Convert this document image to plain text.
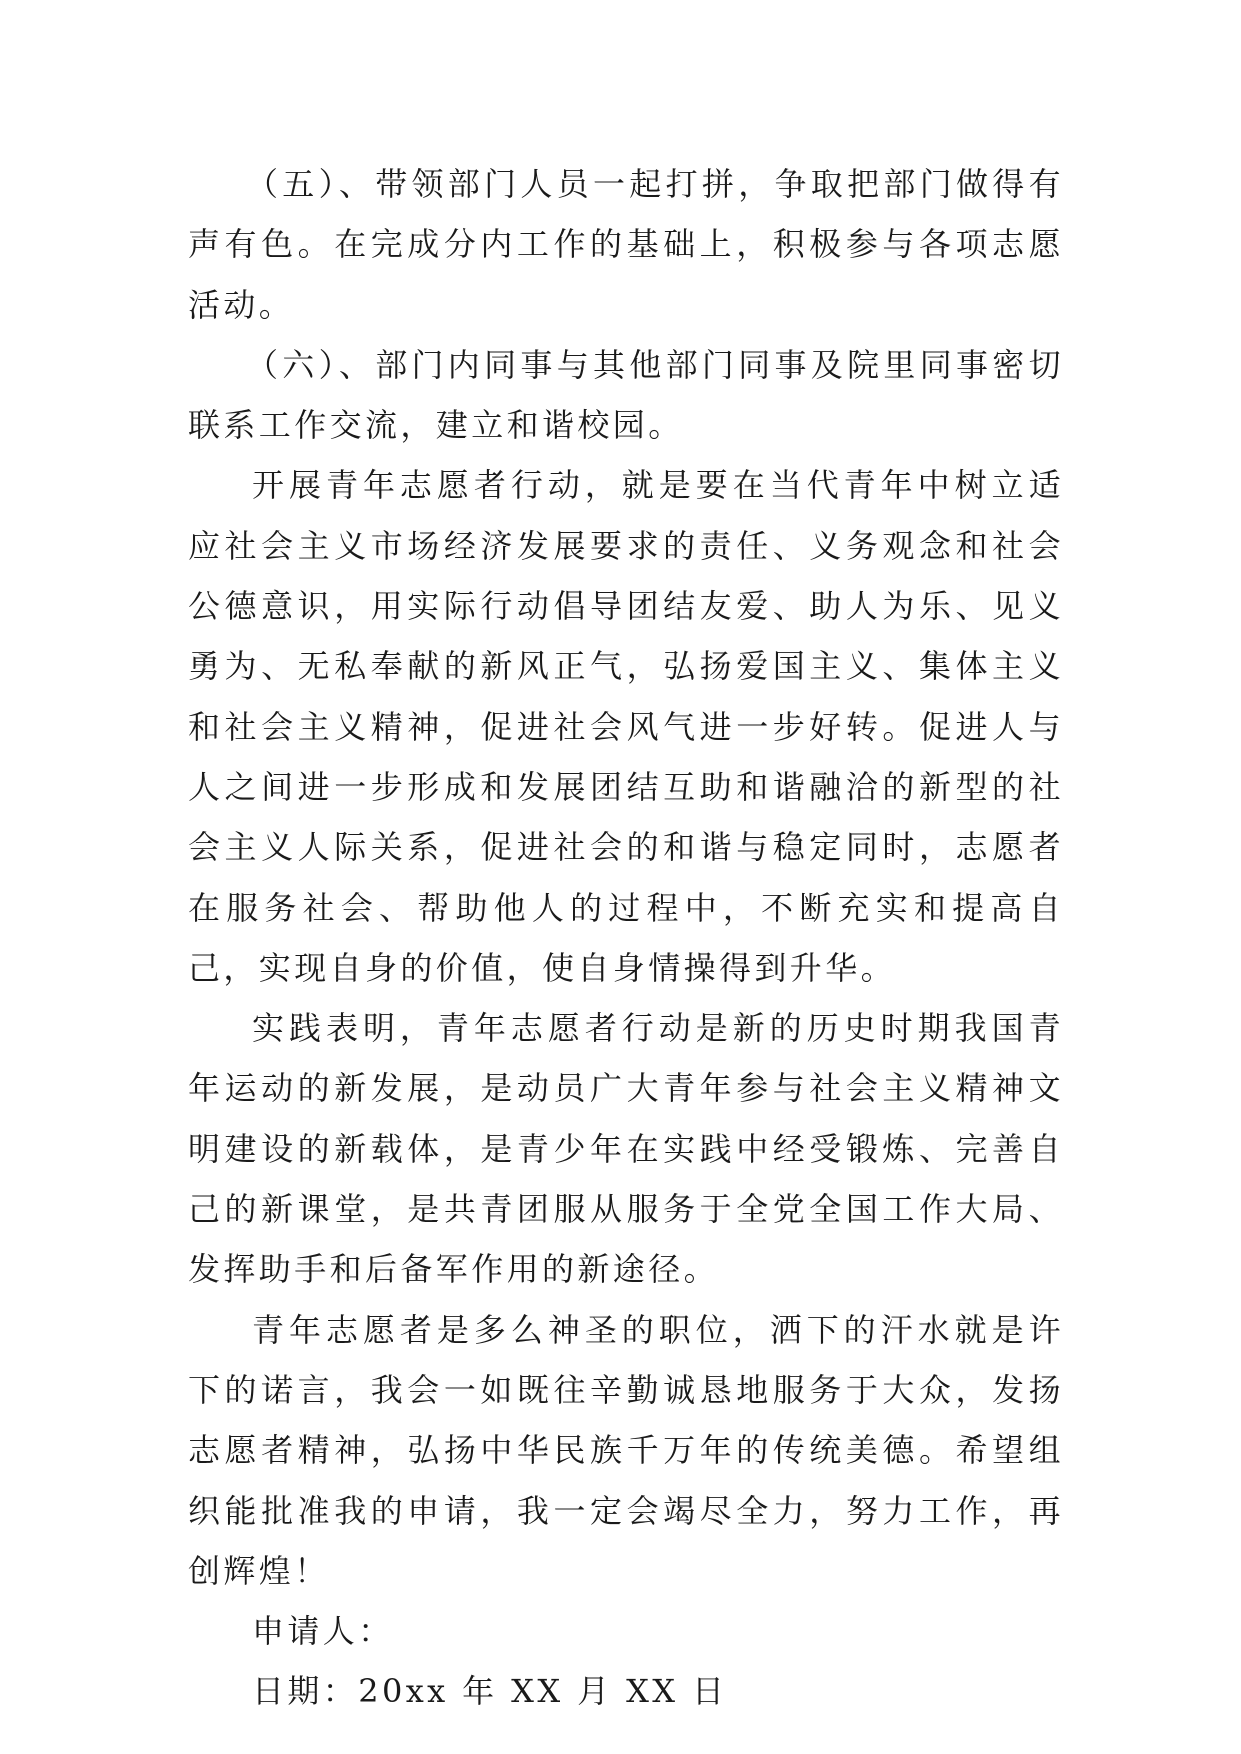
（五）、带领部门人员一起打拼，争取把部门做得有声有色。在完成分内工作的基础上，积极参与各项志愿活动。

（六）、部门内同事与其他部门同事及院里同事密切联系工作交流，建立和谐校园。

开展青年志愿者行动，就是要在当代青年中树立适应社会主义市场经济发展要求的责任、义务观念和社会公德意识，用实际行动倡导团结友爱、助人为乐、见义勇为、无私奉献的新风正气，弘扬爱国主义、集体主义和社会主义精神，促进社会风气进一步好转。促进人与人之间进一步形成和发展团结互助和谐融洽的新型的社会主义人际关系，促进社会的和谐与稳定同时，志愿者在服务社会、帮助他人的过程中，不断充实和提高自己，实现自身的价值，使自身情操得到升华。

实践表明，青年志愿者行动是新的历史时期我国青年运动的新发展，是动员广大青年参与社会主义精神文明建设的新载体，是青少年在实践中经受锻炼、完善自己的新课堂，是共青团服从服务于全党全国工作大局、发挥助手和后备军作用的新途径。

青年志愿者是多么神圣的职位，洒下的汗水就是许下的诺言，我会一如既往辛勤诚恳地服务于大众，发扬志愿者精神，弘扬中华民族千万年的传统美德。希望组织能批准我的申请，我一定会竭尽全力，努力工作，再创辉煌！

申请人：

日期：20xx 年 XX 月 XX 日
